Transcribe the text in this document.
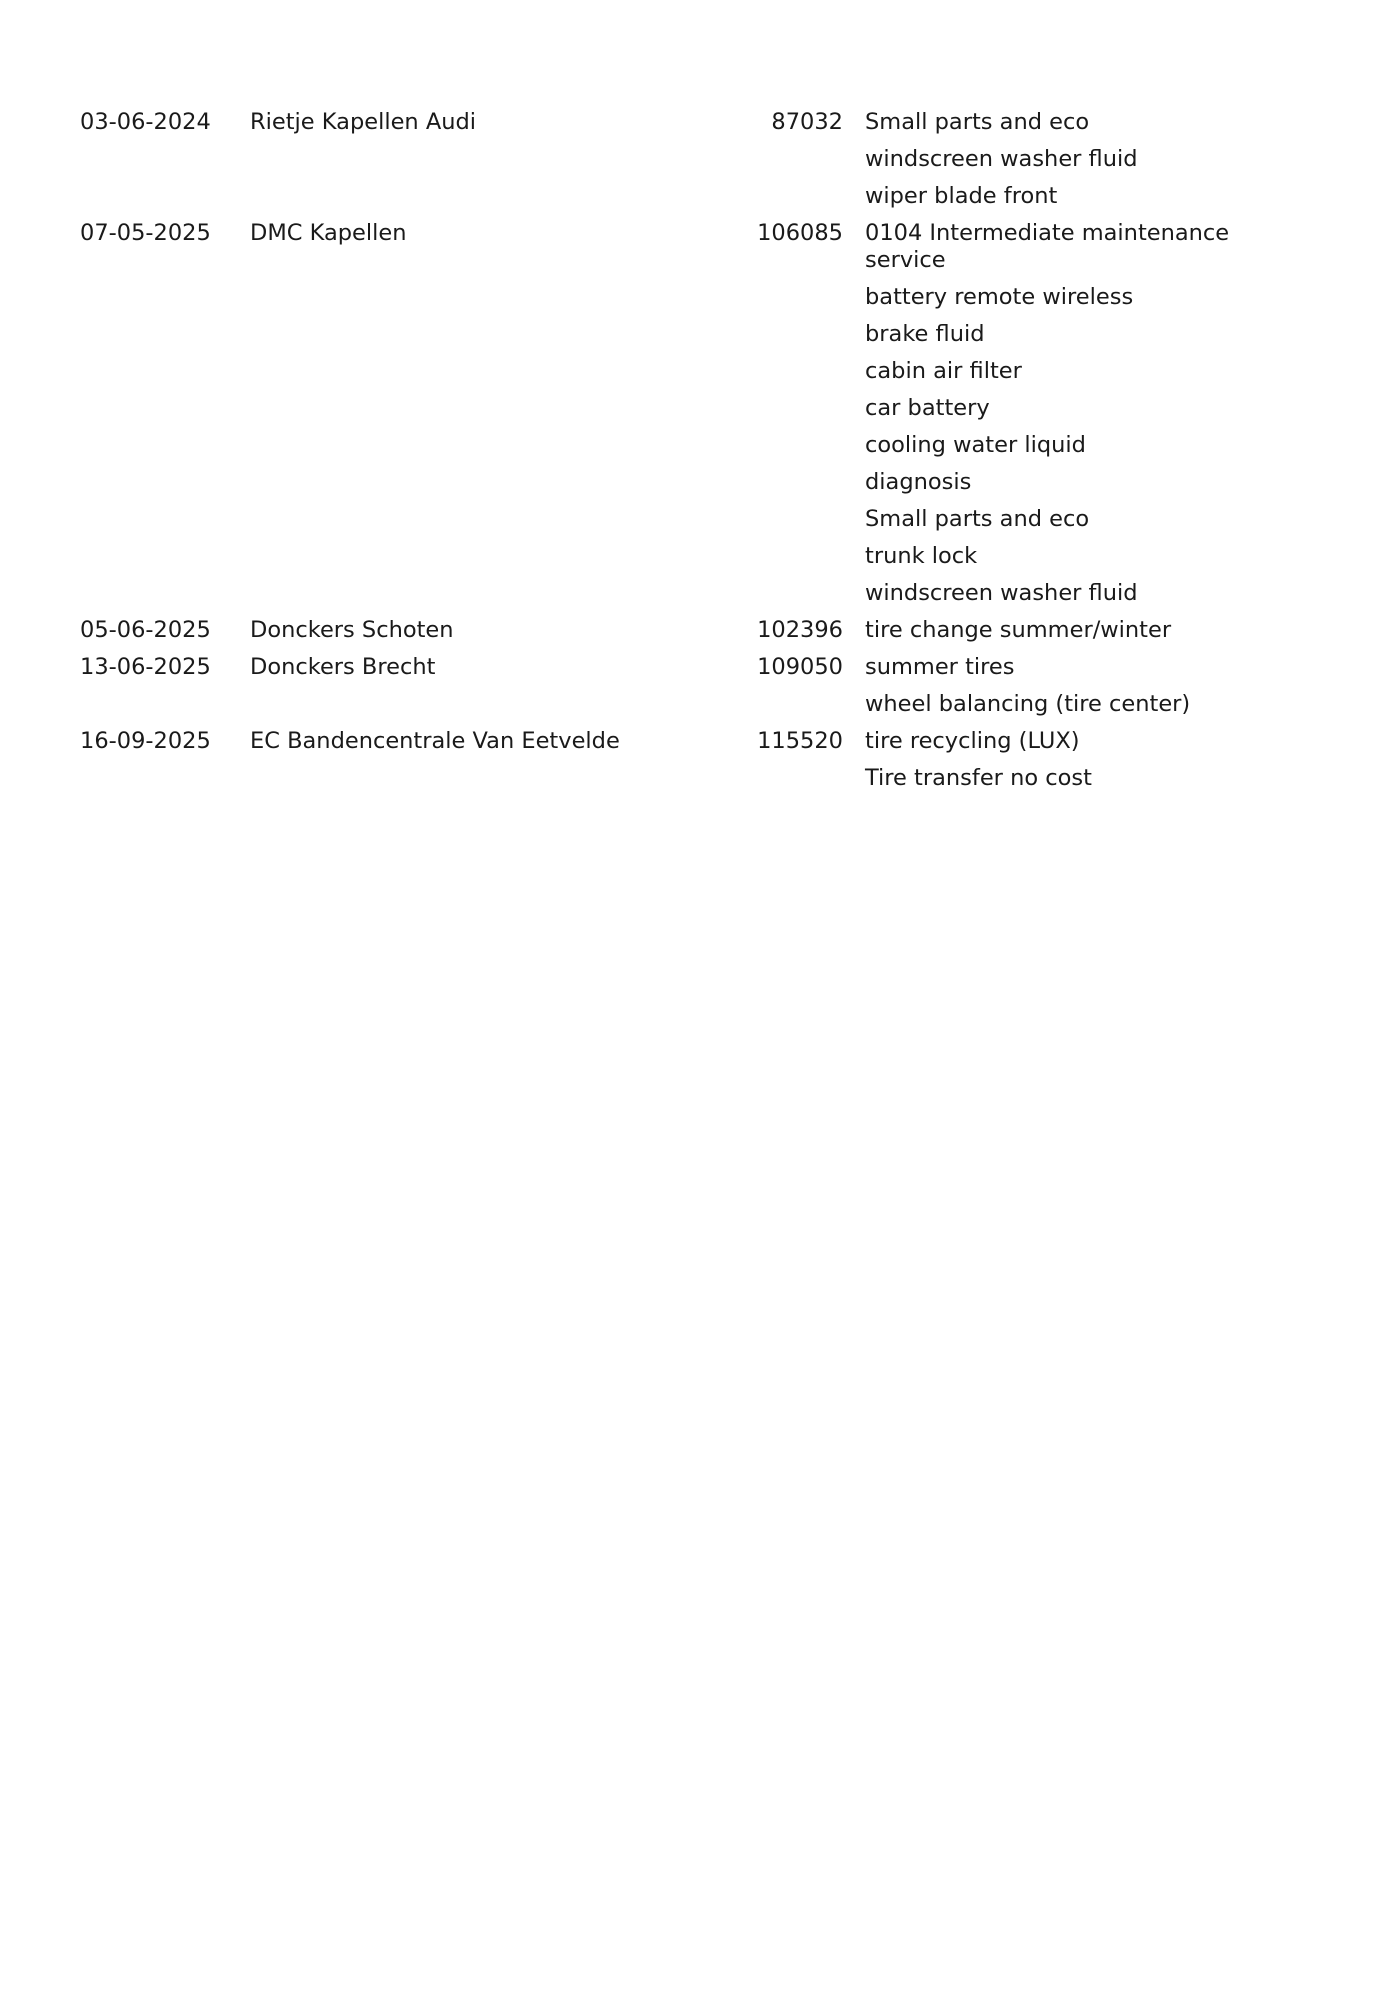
03-06-2024	Rietje Kapellen Audi	87032 Small parts and eco
windscreen washer fluid
wiper blade front
07-05-2025	DMC Kapellen	106085 0104 Intermediate maintenance service
battery remote wireless
brake fluid
cabin air filter
car battery
cooling water liquid
diagnosis
Small parts and eco
trunk lock
windscreen washer fluid
05-06-2025	Donckers Schoten	102396 tire change summer/winter
13-06-2025	Donckers Brecht	109050 summer tires
wheel balancing (tire center)
16-09-2025	EC Bandencentrale Van Eetvelde	115520 tire recycling (LUX)
Tire transfer no cost
